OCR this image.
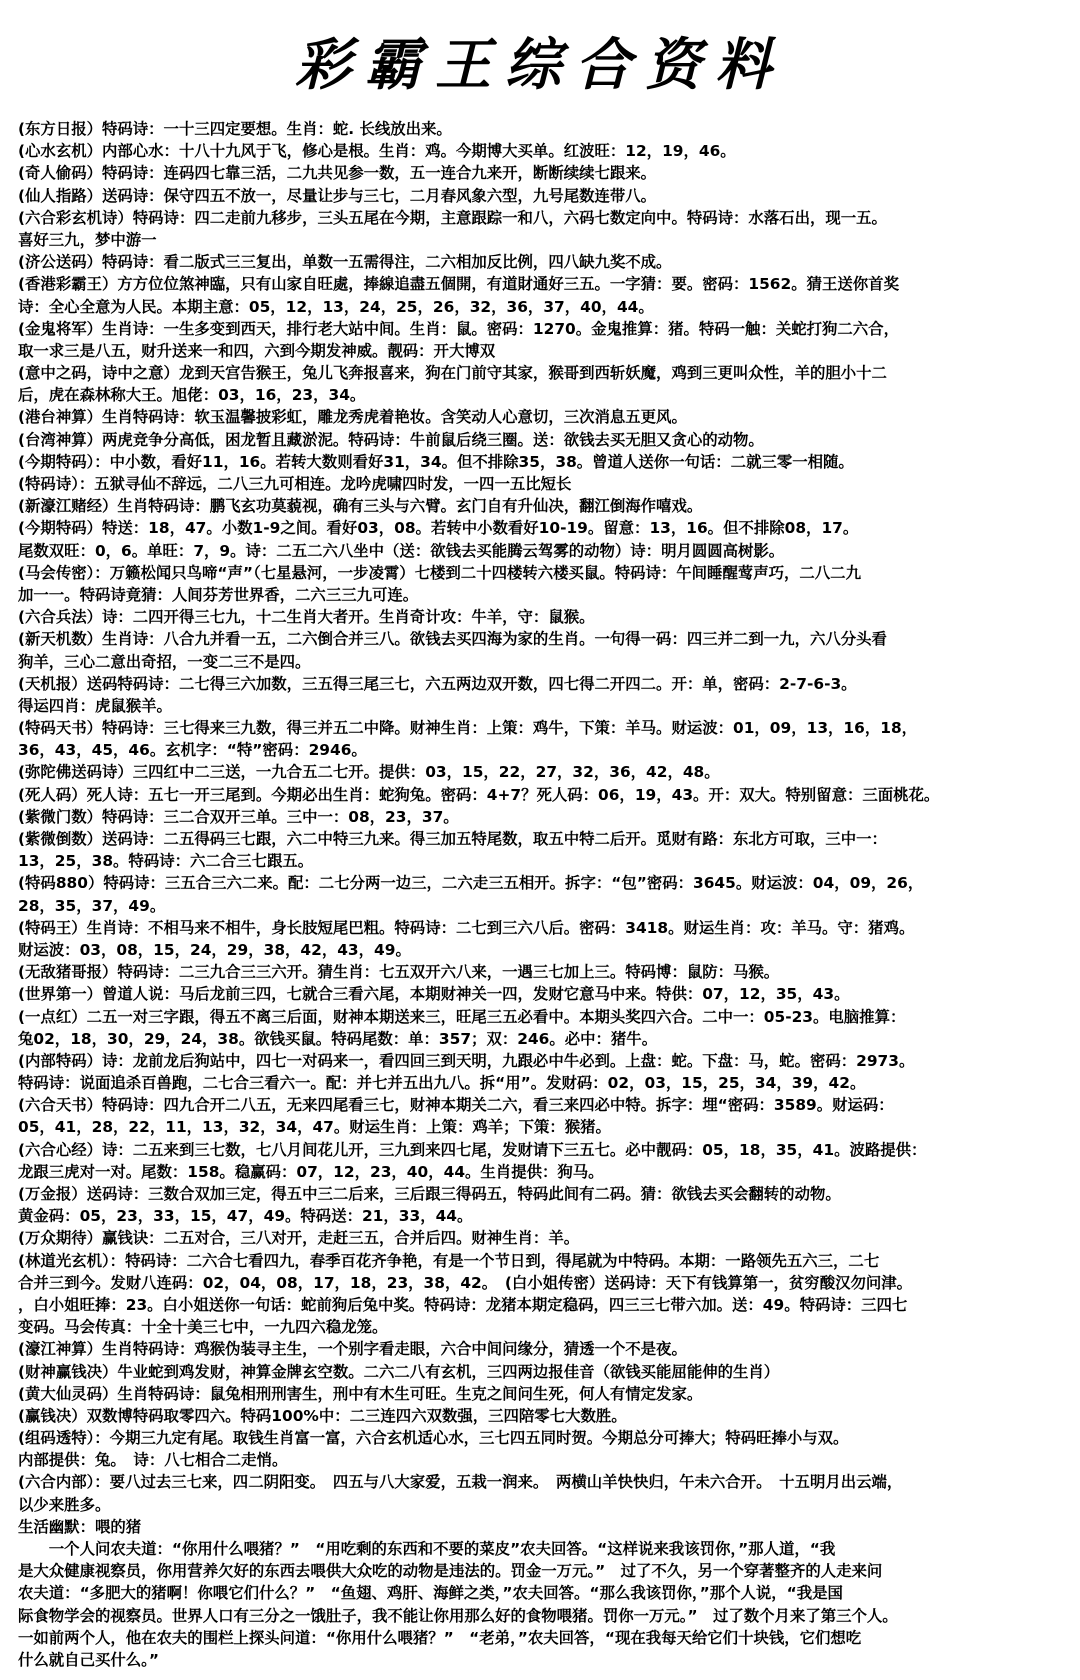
彩霸王综合资料
(东方日报）特码诗：一十三四定要想。生肖：蛇. 长线放出来。
(心水玄机）内部心水：十八十九风于飞，修心是根。生肖：鸡。今期博大买单。红波旺：12，19，46。
(奇人偷码）特码诗：连码四七靠三活，二九共见参一数，五一连合九来开，断断续续七跟来。
(仙人指路）送码诗：保守四五不放一，尽量让步与三七，二月春风象六型，九号尾数连带八。
(六合彩玄机诗）特码诗：四二走前九移步，三头五尾在今期，主意跟踪一和八，六码七数定向中。特码诗：水落石出，现一五。
喜好三九，梦中游一
(济公送码）特码诗：看二版式三三复出，单数一五需得注，二六相加反比例，四八缺九奖不成。
(香港彩霸王）方方位位煞神臨，只有山家自旺處，捧線追盡五個開，有道財通好三五。一字猜：要。密码：1562。猜王送你首奖
诗：全心全意为人民。本期主意：05，12，13，24，25，26，32，36，37，40，44。
(金鬼将军）生肖诗：一生多变到西天，排行老大站中间。生肖：鼠。密码：1270。金鬼推算：猪。特码一触：关蛇打狗二六合，
取一求三是八五，财升送来一和四，六到今期发神威。靓码：开大博双
(意中之码，诗中之意）龙到天宫告猴王，兔儿飞奔报喜来，狗在门前守其家，猴哥到西斩妖魔，鸡到三更叫众性，羊的胆小十二
后，虎在森林称大王。旭佬：03，16，23，34。
(港台神算）生肖特码诗：软玉温馨披彩虹，雕龙秀虎着艳妆。含笑动人心意切，三次消息五更风。
(台湾神算）两虎竞争分高低，困龙暂且藏淤泥。特码诗：牛前鼠后绕三圈。送：欲钱去买无胆又贪心的动物。
(今期特码）：中小数，看好11，16。若转大数则看好31，34。但不排除35，38。曾道人送你一句话：二就三零一相随。
(特码诗）：五狱寻仙不辞远，二八三九可相连。龙吟虎啸四时发，一四一五比短长
(新濠江赌经）生肖特码诗：鹏飞玄功莫藐视，确有三头与六臂。玄门自有升仙决，翻江倒海作嘻戏。
(今期特码）特送：18，47。小数1-9之间。看好03，08。若转中小数看好10-19。留意：13，16。但不排除08，17。
尾数双旺：0，6。单旺：7，9。诗：二五二六八坐中（送：欲钱去买能腾云驾雾的动物）诗：明月圆圆高树影。
(马会传密）：万籁松闻只鸟啼“声”（七星悬河，一步凌霄）七楼到二十四楼转六楼买鼠。特码诗：午间睡醒莺声巧，二八二九
加一一。特码诗竟猜：人间芬芳世界香，二六三三九可连。
(六合兵法）诗：二四开得三七九，十二生肖大者开。生肖奇计攻：牛羊，守：鼠猴。
(新天机数）生肖诗：八合九并看一五，二六倒合并三八。欲钱去买四海为家的生肖。一句得一码：四三并二到一九，六八分头看
狗羊，三心二意出奇招，一变二三不是四。
(天机报）送码特码诗：二七得三六加数，三五得三尾三七，六五两边双开数，四七得二开四二。开：单，密码：2-7-6-3。
得运四肖：虎鼠猴羊。
(特码天书）特码诗：三七得来三九数，得三并五二中降。财神生肖：上策：鸡牛，下策：羊马。财运波：01，09，13，16，18，
36，43，45，46。玄机字：“特”密码：2946。
(弥陀佛送码诗）三四红中二三送，一九合五二七开。提供：03，15，22，27，32，36，42，48。
(死人码）死人诗：五七一开三尾到。今期必出生肖：蛇狗兔。密码：4+7？死人码：06，19，43。开：双大。特别留意：三面桃花。
(紫微门数）特码诗：三二合双开三单。三中一：08，23，37。
(紫微倒数）送码诗：二五得码三七跟，六二中特三九来。得三加五特尾数，取五中特二后开。觅财有路：东北方可取，三中一：
13，25，38。特码诗：六二合三七跟五。
(特码880）特码诗：三五合三六二来。配：二七分两一边三，二六走三五相开。拆字：“包”密码：3645。财运波：04，09，26，
28，35，37，49。
(特码王）生肖诗：不相马来不相牛，身长肢短尾巴粗。特码诗：二七到三六八后。密码：3418。财运生肖：攻：羊马。守：猪鸡。
财运波：03，08，15，24，29，38，42，43，49。
(无敌猪哥报）特码诗：二三九合三三六开。猜生肖：七五双开六八来，一遇三七加上三。特码博：鼠防：马猴。
(世界第一）曾道人说：马后龙前三四，七就合三看六尾，本期财神关一四，发财它意马中来。特供：07，12，35，43。
(一点红）二五一对三字跟，得五不离三后面，财神本期送来三，旺尾三五必看中。本期头奖四六合。二中一：05-23。电脑推算：
兔02，18，30，29，24，38。欲钱买鼠。特码尾数：单：357；双：246。必中：猪牛。
(内部特码）诗：龙前龙后狗站中，四七一对码来一，看四回三到天明，九跟必中牛必到。上盘：蛇。下盘：马，蛇。密码：2973。
特码诗：说面追杀百兽跑，二七合三看六一。配：并七并五出九八。拆“用”。发财码：02，03，15，25，34，39，42。
(六合天书）特码诗：四九合开二八五，无来四尾看三七，财神本期关二六，看三来四必中特。拆字：埋“密码：3589。财运码：
05，41，28，22，11，13，32，34，47。财运生肖：上策：鸡羊；下策：猴猪。
(六合心经）诗：二五来到三七数，七八月间花儿开，三九到来四七尾，发财请下三五七。必中靓码：05，18，35，41。波路提供：
龙跟三虎对一对。尾数：158。稳赢码：07，12，23，40，44。生肖提供：狗马。
(万金报）送码诗：三数合双加三定，得五中三二后来，三后跟三得码五，特码此间有二码。猜：欲钱去买会翻转的动物。
黄金码：05，23，33，15，47，49。特码送：21，33，44。
(万众期待）赢钱诀：二五对合，三八对开，走赶三五，合并后四。财神生肖：羊。
(林道光玄机）：特码诗：二六合七看四九，春季百花齐争艳，有是一个节日到，得尾就为中特码。本期：一路领先五六三，二七
合并三到今。发财八连码：02，04，08，17，18，23，38，42。　(白小姐传密）送码诗：天下有钱算第一，贫穷酸汉勿问津。
，白小姐旺捧：23。白小姐送你一句话：蛇前狗后兔中奖。特码诗：龙猪本期定稳码，四三三七带六加。送：49。特码诗：三四七
变码。马会传真：十全十美三七中，一九四六稳龙笼。
(濠江神算）生肖特码诗：鸡猴伪装寻主生，一个别字看走眼，六合中间问缘分，猜透一个不是夜。
(财神赢钱决）牛业蛇到鸡发财，神算金牌玄空数。二六二八有玄机，三四两边报佳音（欲钱买能屈能伸的生肖）
(黄大仙灵码）生肖特码诗：鼠兔相刑刑害生，刑中有木生可旺。生克之间问生死，何人有情定发家。
(赢钱决）双数博特码取零四六。特码100%中：二三连四六双数强，三四陪零七大数胜。
(组码透特）：今期三九定有尾。取钱生肖富一富，六合玄机适心水，三七四五同时贺。今期总分可捧大；特码旺捧小与双。
内部提供：兔。　诗：八七相合二走悄。
(六合内部）：要八过去三七来，四二阴阳变。　四五与八大家爱，五栽一润来。　两横山羊快快归，午未六合开。　十五明月出云端，
以少来胜多。
生活幽默：喂的猪
　　一个人问农夫道：“你用什么喂猪？”　“用吃剩的东西和不要的菜皮”农夫回答。“这样说来我该罚你，”那人道，“我
是大众健康视察员，你用营养欠好的东西去喂供大众吃的动物是违法的。罚金一万元。”　过了不久，另一个穿著整齐的人走来问
农夫道：“多肥大的猪啊！你喂它们什么？”　“鱼翅、鸡肝、海鲜之类，”农夫回答。“那么我该罚你，”那个人说，“我是国
际食物学会的视察员。世界人口有三分之一饿肚子，我不能让你用那么好的食物喂猪。罚你一万元。”　过了数个月来了第三个人。
一如前两个人，他在农夫的围栏上探头问道：“你用什么喂猪？”　“老弟，”农夫回答，“现在我每天给它们十块钱，它们想吃
什么就自己买什么。”
